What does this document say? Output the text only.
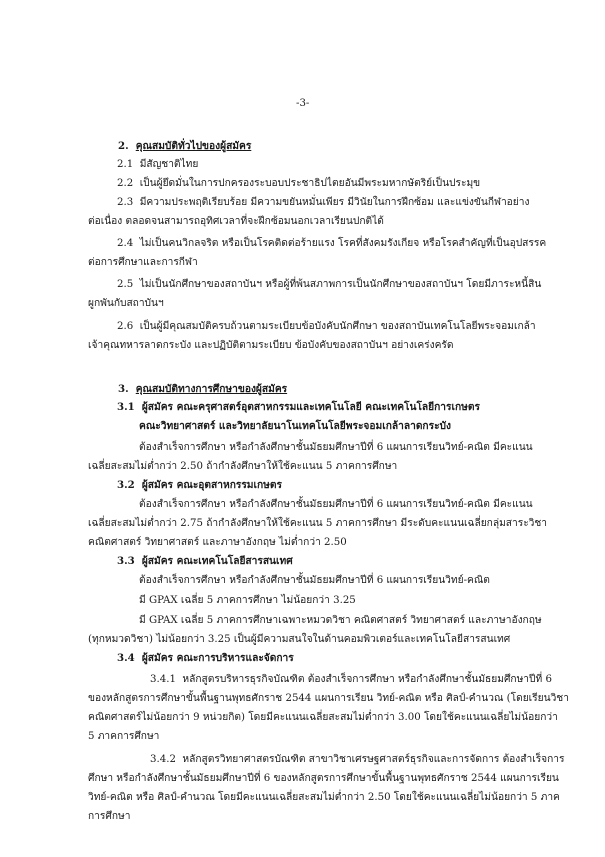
-3-
2. คุณสมบัติทั่วไปของผู้สมัคร
2.1 มีสัญชาติไทย
2.2 เป็นผู้ยึดมั่นในการปกครองระบอบประชาธิปไตยอันมีพระมหากษัตริย์เป็นประมุข
2.3 มีความประพฤติเรียบร้อย มีความขยันหมั่นเพียร มีวินัยในการฝึกซ้อม และแข่งขันกีฬาอย่าง
ต่อเนื่อง ตลอดจนสามารถอุทิศเวลาที่จะฝึกซ้อมนอกเวลาเรียนปกติได้
2.4 ไม่เป็นคนวิกลจริต หรือเป็นโรคติดต่อร้ายแรง โรคที่สังคมรังเกียจ หรือโรคสำคัญที่เป็นอุปสรรค
ต่อการศึกษาและการกีฬา
2.5 ไม่เป็นนักศึกษาของสถาบันฯ หรือผู้ที่พ้นสภาพการเป็นนักศึกษาของสถาบันฯ โดยมีภาระหนี้สิน
ผูกพันกับสถาบันฯ
2.6 เป็นผู้มีคุณสมบัติครบถ้วนตามระเบียบข้อบังคับนักศึกษา ของสถาบันเทคโนโลยีพระจอมเกล้า
เจ้าคุณทหารลาดกระบัง และปฏิบัติตามระเบียบ ข้อบังคับของสถาบันฯ อย่างเคร่งครัด
3. คุณสมบัติทางการศึกษาของผู้สมัคร
3.1 ผู้สมัคร คณะครุศาสตร์อุตสาหกรรมและเทคโนโลยี คณะเทคโนโลยีการเกษตร
คณะวิทยาศาสตร์ และวิทยาลัยนาโนเทคโนโลยีพระจอมเกล้าลาดกระบัง
ต้องสำเร็จการศึกษา หรือกำลังศึกษาชั้นมัธยมศึกษาปีที่ 6 แผนการเรียนวิทย์-คณิต มีคะแนน
เฉลี่ยสะสมไม่ต่ำกว่า 2.50 ถ้ากำลังศึกษาให้ใช้คะแนน 5 ภาคการศึกษา
3.2 ผู้สมัคร คณะอุตสาหกรรมเกษตร
ต้องสำเร็จการศึกษา หรือกำลังศึกษาชั้นมัธยมศึกษาปีที่ 6 แผนการเรียนวิทย์-คณิต มีคะแนน
เฉลี่ยสะสมไม่ต่ำกว่า 2.75 ถ้ากำลังศึกษาให้ใช้คะแนน 5 ภาคการศึกษา มีระดับคะแนนเฉลี่ยกลุ่มสาระวิชา
คณิตศาสตร์ วิทยาศาสตร์ และภาษาอังกฤษ ไม่ต่ำกว่า 2.50
3.3 ผู้สมัคร คณะเทคโนโลยีสารสนเทศ
ต้องสำเร็จการศึกษา หรือกำลังศึกษาชั้นมัธยมศึกษาปีที่ 6 แผนการเรียนวิทย์-คณิต
มี GPAX เฉลี่ย 5 ภาคการศึกษา ไม่น้อยกว่า 3.25
มี GPAX เฉลี่ย 5 ภาคการศึกษาเฉพาะหมวดวิชา คณิตศาสตร์ วิทยาศาสตร์ และภาษาอังกฤษ
(ทุกหมวดวิชา) ไม่น้อยกว่า 3.25 เป็นผู้มีความสนใจในด้านคอมพิวเตอร์และเทคโนโลยีสารสนเทศ
3.4 ผู้สมัคร คณะการบริหารและจัดการ
3.4.1 หลักสูตรบริหารธุรกิจบัณฑิต ต้องสำเร็จการศึกษา หรือกำลังศึกษาชั้นมัธยมศึกษาปีที่ 6
ของหลักสูตรการศึกษาขั้นพื้นฐานพุทธศักราช 2544 แผนการเรียน วิทย์-คณิต หรือ ศิลป์-คำนวณ (โดยเรียนวิชา
คณิตศาสตร์ไม่น้อยกว่า 9 หน่วยกิต) โดยมีคะแนนเฉลี่ยสะสมไม่ต่ำกว่า 3.00 โดยใช้คะแนนเฉลี่ยไม่น้อยกว่า
5 ภาคการศึกษา
3.4.2 หลักสูตรวิทยาศาสตรบัณฑิต สาขาวิชาเศรษฐศาสตร์ธุรกิจและการจัดการ ต้องสำเร็จการ
ศึกษา หรือกำลังศึกษาชั้นมัธยมศึกษาปีที่ 6 ของหลักสูตรการศึกษาขั้นพื้นฐานพุทธศักราช 2544 แผนการเรียน
วิทย์-คณิต หรือ ศิลป์-คำนวณ โดยมีคะแนนเฉลี่ยสะสมไม่ต่ำกว่า 2.50 โดยใช้คะแนนเฉลี่ยไม่น้อยกว่า 5 ภาค
การศึกษา
